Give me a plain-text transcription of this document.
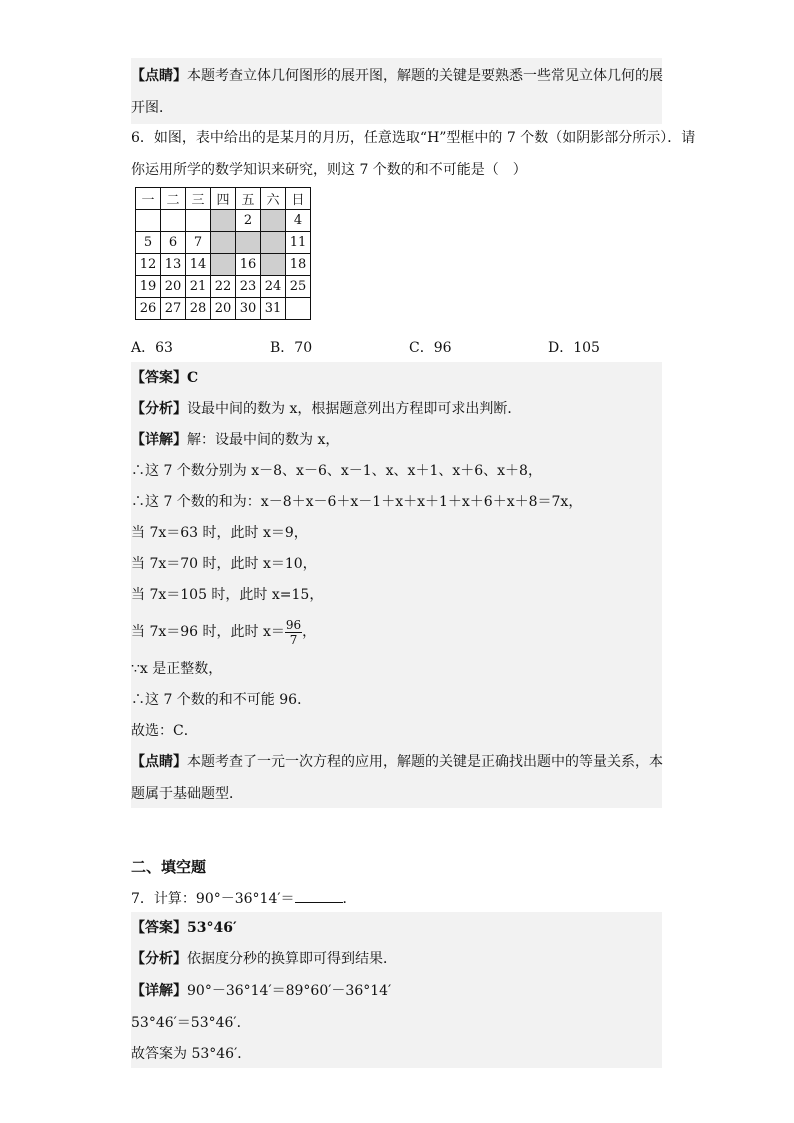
【点睛】本题考查立体几何图形的展开图，解题的关键是要熟悉一些常见立体几何的展
开图．
6．如图，表中给出的是某月的月历，任意选取“H”型框中的 7 个数（如阴影部分所示）．请
你运用所学的数学知识来研究，则这 7 个数的和不可能是（　）
一	二	三	四	五	六	日
				2		4
5	6	7				11
12	13	14		16		18
19	20	21	22	23	24	25
26	27	28	20	30	31	
A．63	B．70	C．96	D．105
【答案】C
【分析】设最中间的数为 x，根据题意列出方程即可求出判断．
【详解】解：设最中间的数为 x，
∴这 7 个数分别为 x－8、x－6、x－1、x、x＋1、x＋6、x＋8，
∴这 7 个数的和为：x－8＋x－6＋x－1＋x＋x＋1＋x＋6＋x＋8＝7x，
当 7x＝63 时，此时 x＝9，
当 7x＝70 时，此时 x＝10，
当 7x＝105 时，此时 x=15，
当 7x＝96 时，此时 $x= \frac{96}{7}$ ，
∵x 是正整数，
∴这 7 个数的和不可能 96．
故选：C．
【点睛】本题考查了一元一次方程的应用，解题的关键是正确找出题中的等量关系，本
题属于基础题型．
二、填空题
7．计算：90°－36°14′＝	．
【答案】53°46′
【分析】依据度分秒的换算即可得到结果．
【详解】90°－36°14′＝89°60′－36°14′
53°46′＝53°46′．
故答案为 53°46′．
